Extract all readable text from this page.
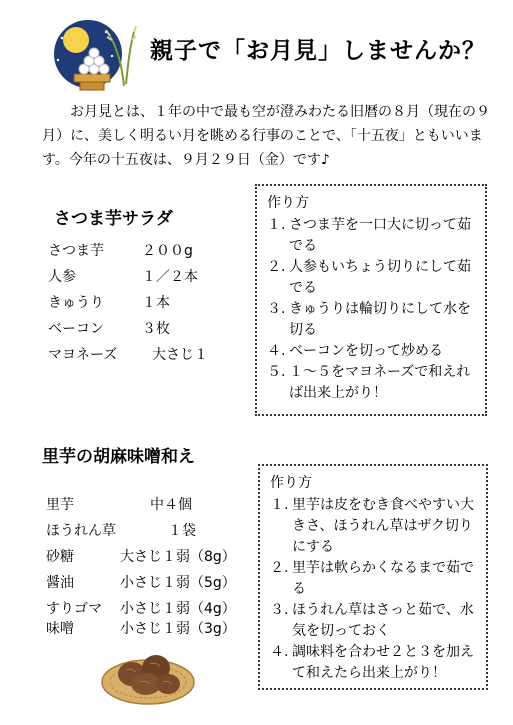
親子で「お月見」しませんか？
お月見とは、１年の中で最も空が澄みわたる旧暦の８月（現在の９月）に、美しく明るい月を眺める行事のことで、「十五夜」ともいいます。今年の十五夜は、９月２９日（金）です♪
さつま芋サラダ
さつま芋	２００g
人参	１／２本
きゅうり	１本
ベーコン	３枚
マヨネーズ 大さじ１
作り方
１. さつま芋を一口大に切って茹でる
２. 人参もいちょう切りにして茹でる
３. きゅうりは輪切りにして水を切る
４. ベーコンを切って炒める
５. １～５をマヨネーズで和えれば出来上がり！
里芋の胡麻味噌和え
里芋	中４個
ほうれん草	１袋
砂糖	大さじ１弱（8g）
醤油	小さじ１弱（5g）
すりゴマ 小さじ１弱（4g）
味噌	小さじ１弱（3g）
作り方
１. 里芋は皮をむき食べやすい大きさ、ほうれん草はザク切りにする
２. 里芋は軟らかくなるまで茹でる
３. ほうれん草はさっと茹で、水気を切っておく
４. 調味料を合わせ２と３を加えて和えたら出来上がり！
